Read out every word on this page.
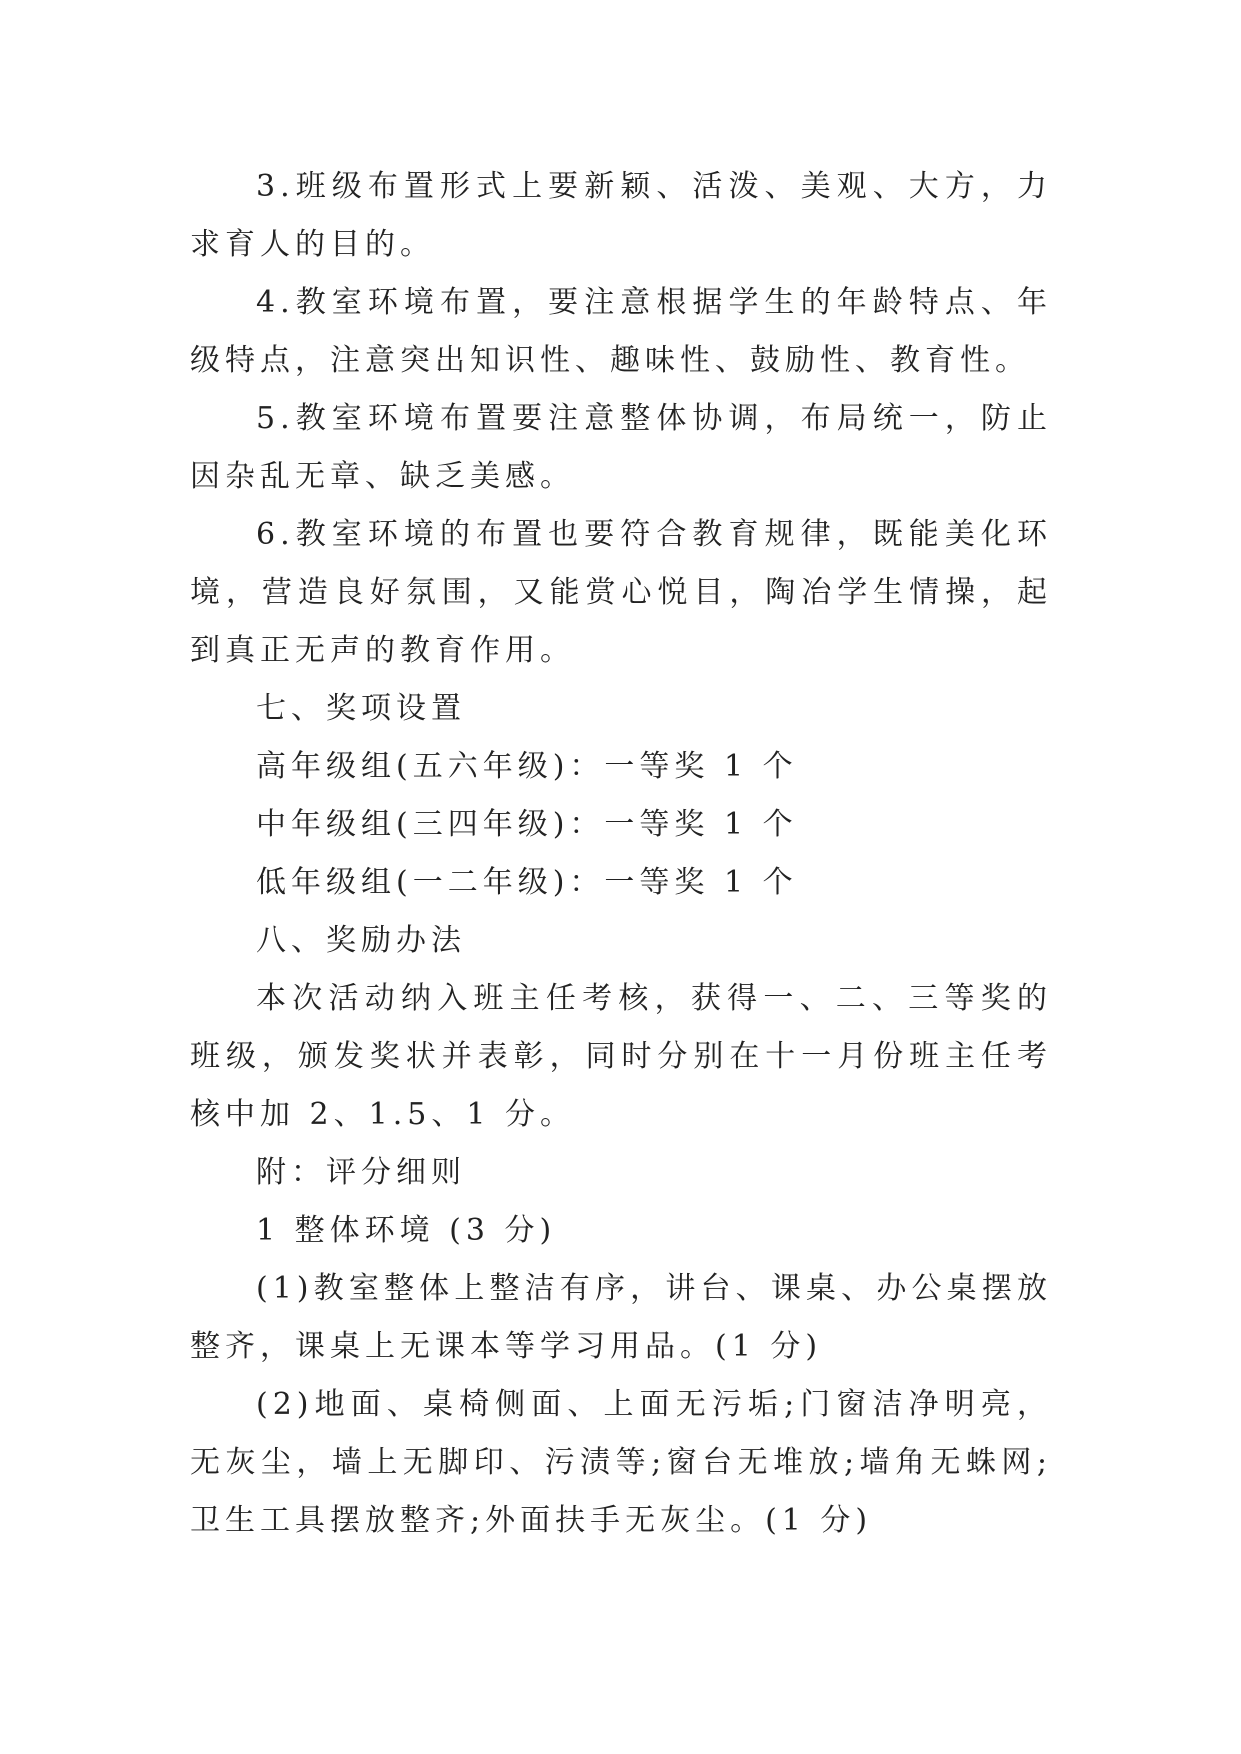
3.班级布置形式上要新颖、活泼、美观、大方，力求育人的目的。

4.教室环境布置，要注意根据学生的年龄特点、年级特点，注意突出知识性、趣味性、鼓励性、教育性。

5.教室环境布置要注意整体协调，布局统一，防止因杂乱无章、缺乏美感。

6.教室环境的布置也要符合教育规律，既能美化环境，营造良好氛围，又能赏心悦目，陶冶学生情操，起到真正无声的教育作用。

七、奖项设置

高年级组(五六年级)：一等奖 1 个

中年级组(三四年级)：一等奖 1 个

低年级组(一二年级)：一等奖 1 个

八、奖励办法

本次活动纳入班主任考核，获得一、二、三等奖的班级，颁发奖状并表彰，同时分别在十一月份班主任考核中加 2、1.5、1 分。

附：评分细则

1 整体环境 (3 分)

(1)教室整体上整洁有序，讲台、课桌、办公桌摆放整齐，课桌上无课本等学习用品。(1 分)

(2)地面、桌椅侧面、上面无污垢;门窗洁净明亮，无灰尘，墙上无脚印、污渍等;窗台无堆放;墙角无蛛网;卫生工具摆放整齐;外面扶手无灰尘。(1 分)
